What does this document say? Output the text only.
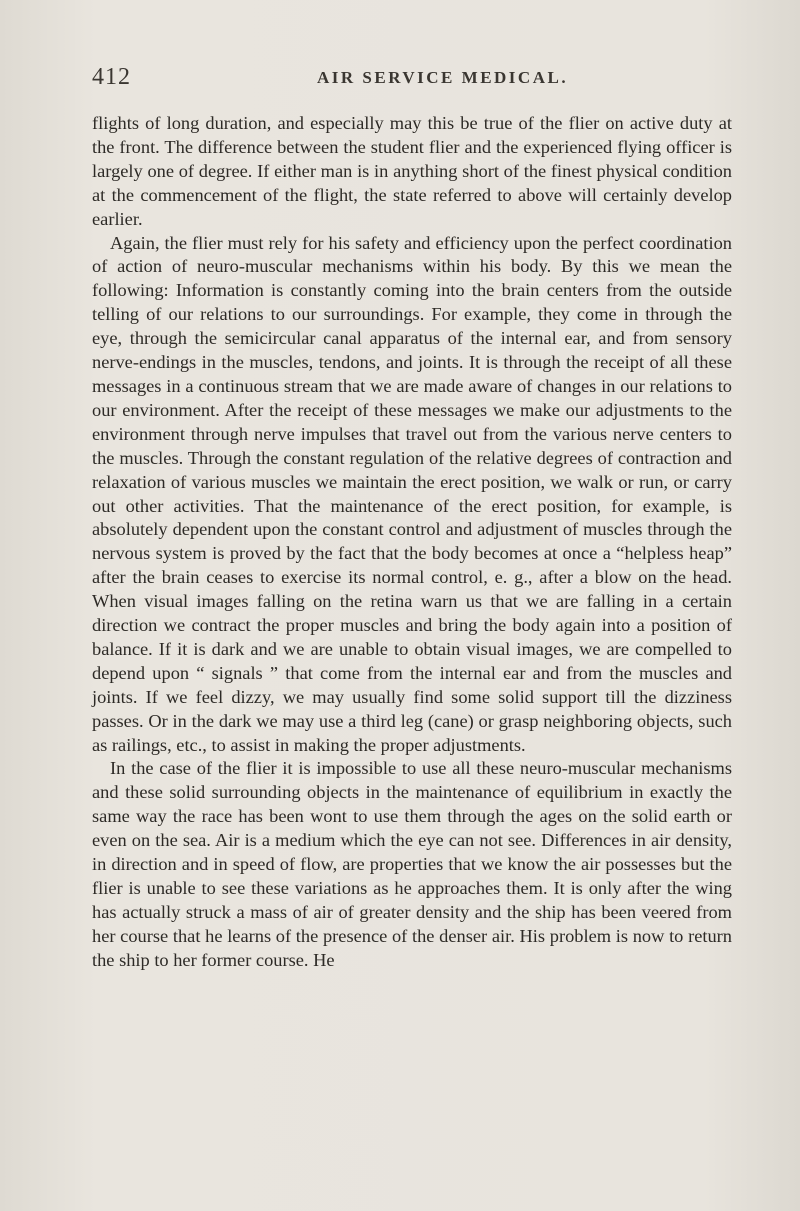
412	AIR SERVICE MEDICAL.

flights of long duration, and especially may this be true of the flier on active duty at the front. The difference between the student flier and the experienced flying officer is largely one of degree. If either man is in anything short of the finest physical condition at the commencement of the flight, the state referred to above will certainly develop earlier.

Again, the flier must rely for his safety and efficiency upon the perfect coordination of action of neuro-muscular mechanisms within his body. By this we mean the following: Information is constantly coming into the brain centers from the outside telling of our relations to our surroundings. For example, they come in through the eye, through the semicircular canal apparatus of the internal ear, and from sensory nerve-endings in the muscles, tendons, and joints. It is through the receipt of all these messages in a continuous stream that we are made aware of changes in our relations to our environment. After the receipt of these messages we make our adjustments to the environment through nerve impulses that travel out from the various nerve centers to the muscles. Through the constant regulation of the relative degrees of contraction and relaxation of various muscles we maintain the erect position, we walk or run, or carry out other activities. That the maintenance of the erect position, for example, is absolutely dependent upon the constant control and adjustment of muscles through the nervous system is proved by the fact that the body becomes at once a “helpless heap” after the brain ceases to exercise its normal control, e. g., after a blow on the head. When visual images falling on the retina warn us that we are falling in a certain direction we contract the proper muscles and bring the body again into a position of balance. If it is dark and we are unable to obtain visual images, we are compelled to depend upon “ signals ” that come from the internal ear and from the muscles and joints. If we feel dizzy, we may usually find some solid support till the dizziness passes. Or in the dark we may use a third leg (cane) or grasp neighboring objects, such as railings, etc., to assist in making the proper adjustments.

In the case of the flier it is impossible to use all these neuro-muscular mechanisms and these solid surrounding objects in the maintenance of equilibrium in exactly the same way the race has been wont to use them through the ages on the solid earth or even on the sea. Air is a medium which the eye can not see. Differences in air density, in direction and in speed of flow, are properties that we know the air possesses but the flier is unable to see these variations as he approaches them. It is only after the wing has actually struck a mass of air of greater density and the ship has been veered from her course that he learns of the presence of the denser air. His problem is now to return the ship to her former course. He
